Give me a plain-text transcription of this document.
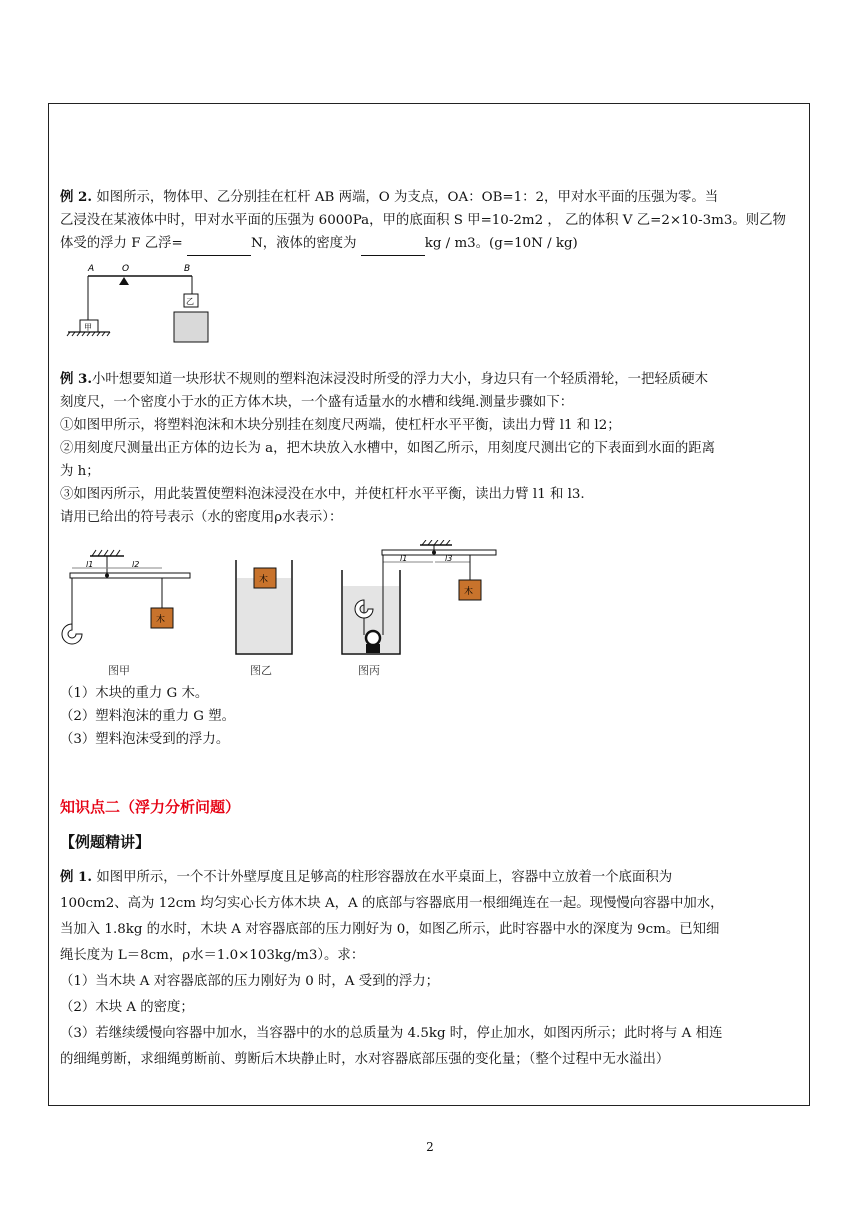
例 2. 如图所示，物体甲、乙分别挂在杠杆 AB 两端，O 为支点，OA：OB=1：2，甲对水平面的压强为零。当
乙浸没在某液体中时，甲对水平面的压强为 6000Pa，甲的底面积 S 甲=10-2m2 ， 乙的体积 V 乙=2×10-3m3。则乙物
体受的浮力 F 乙浮=	N，液体的密度为	kg / m3。(g=10N / kg)
A	O	B
甲
乙
例 3.小叶想要知道一块形状不规则的塑料泡沫浸没时所受的浮力大小，身边只有一个轻质滑轮，一把轻质硬木
刻度尺，一个密度小于水的正方体木块，一个盛有适量水的水槽和线绳.测量步骤如下：
①如图甲所示，将塑料泡沫和木块分别挂在刻度尺两端，使杠杆水平平衡，读出力臂 l1 和 l2；
②用刻度尺测量出正方体的边长为 a，把木块放入水槽中，如图乙所示，用刻度尺测出它的下表面到水面的距离
为 h；
③如图丙所示，用此装置使塑料泡沫浸没在水中，并使杠杆水平平衡，读出力臂 l1 和 l3.
请用已给出的符号表示（水的密度用ρ水表示）：
l1	l2
木
图甲
木
图乙
l1	l3
木
图丙
（1）木块的重力 G 木。
（2）塑料泡沫的重力 G 塑。
（3）塑料泡沫受到的浮力。
知识点二（浮力分析问题）
【例题精讲】
例 1. 如图甲所示，一个不计外壁厚度且足够高的柱形容器放在水平桌面上，容器中立放着一个底面积为
100cm2、高为 12cm 均匀实心长方体木块 A，A 的底部与容器底用一根细绳连在一起。现慢慢向容器中加水，
当加入 1.8kg 的水时，木块 A 对容器底部的压力刚好为 0，如图乙所示，此时容器中水的深度为 9cm。已知细
绳长度为 L＝8cm，ρ水＝1.0×103kg/m3）。求：
（1）当木块 A 对容器底部的压力刚好为 0 时，A 受到的浮力；
（2）木块 A 的密度；
（3）若继续缓慢向容器中加水，当容器中的水的总质量为 4.5kg 时，停止加水，如图丙所示；此时将与 A 相连
的细绳剪断，求细绳剪断前、剪断后木块静止时，水对容器底部压强的变化量；（整个过程中无水溢出）
2
